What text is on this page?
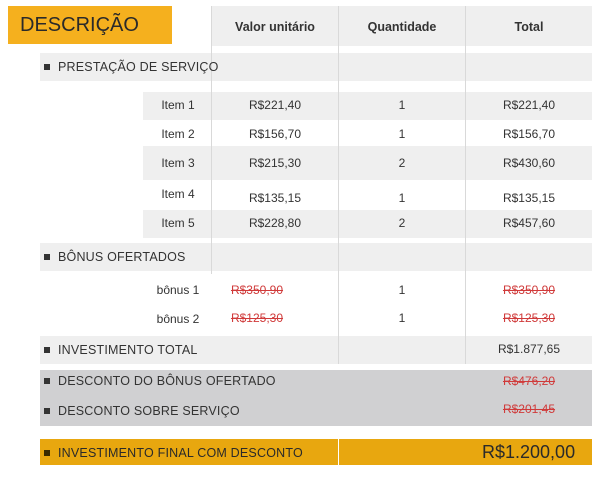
DESCRIÇÃO	Valor unitário	Quantidade	Total
PRESTAÇÃO DE SERVIÇO
Item 1	R$221,40	1	R$221,40
Item 2	R$156,70	1	R$156,70
Item 3	R$215,30	2	R$430,60
Item 4	R$135,15	1	R$135,15
Item 5	R$228,80	2	R$457,60
BÔNUS OFERTADOS
bônus 1	R$350,90	1	R$350,90
bônus 2	R$125,30	1	R$125,30
INVESTIMENTO TOTAL	R$1.877,65
DESCONTO DO BÔNUS OFERTADO	R$476,20
DESCONTO SOBRE SERVIÇO	R$201,45
INVESTIMENTO FINAL COM DESCONTO	R$1.200,00
